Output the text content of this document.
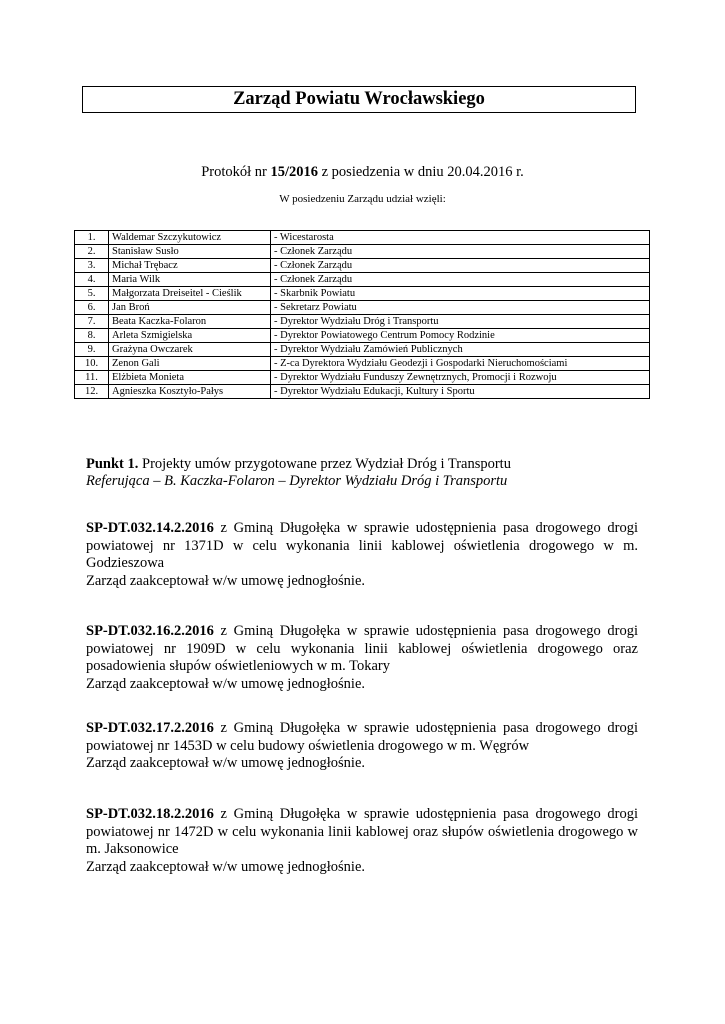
Zarząd Powiatu Wrocławskiego
Protokół nr 15/2016 z posiedzenia w dniu 20.04.2016 r.
W posiedzeniu Zarządu udział wzięli:
1.	Waldemar Szczykutowicz	- Wicestarosta
2.	Stanisław Susło	- Członek Zarządu
3.	Michał Trębacz	- Członek Zarządu
4.	Maria Wilk	- Członek Zarządu
5.	Małgorzata Dreiseitel - Cieślik	- Skarbnik Powiatu
6.	Jan Broń	- Sekretarz Powiatu
7.	Beata Kaczka-Folaron	- Dyrektor Wydziału Dróg i Transportu
8.	Arleta Szmigielska	- Dyrektor Powiatowego Centrum Pomocy Rodzinie
9.	Grażyna Owczarek	- Dyrektor Wydziału Zamówień Publicznych
10.	Zenon Gali	- Z-ca Dyrektora Wydziału Geodezji i Gospodarki Nieruchomościami
11.	Elżbieta Monieta	- Dyrektor Wydziału Funduszy Zewnętrznych, Promocji i Rozwoju
12.	Agnieszka Kosztyło-Pałys	- Dyrektor Wydziału Edukacji, Kultury i Sportu
Punkt 1. Projekty umów przygotowane przez Wydział Dróg i Transportu
Referująca – B. Kaczka-Folaron – Dyrektor Wydziału Dróg i Transportu

SP-DT.032.14.2.2016 z Gminą Długołęka w sprawie udostępnienia pasa drogowego drogi powiatowej nr 1371D w celu wykonania linii kablowej oświetlenia drogowego w m. Godzieszowa

Zarząd zaakceptował w/w umowę jednogłośnie.

SP-DT.032.16.2.2016 z Gminą Długołęka w sprawie udostępnienia pasa drogowego drogi powiatowej nr 1909D w celu wykonania linii kablowej oświetlenia drogowego oraz posadowienia słupów oświetleniowych w m. Tokary

Zarząd zaakceptował w/w umowę jednogłośnie.

SP-DT.032.17.2.2016 z Gminą Długołęka w sprawie udostępnienia pasa drogowego drogi powiatowej nr 1453D w celu budowy oświetlenia drogowego w m. Węgrów

Zarząd zaakceptował w/w umowę jednogłośnie.

SP-DT.032.18.2.2016 z Gminą Długołęka w sprawie udostępnienia pasa drogowego drogi powiatowej nr 1472D w celu wykonania linii kablowej oraz słupów oświetlenia drogowego w m. Jaksonowice

Zarząd zaakceptował w/w umowę jednogłośnie.
